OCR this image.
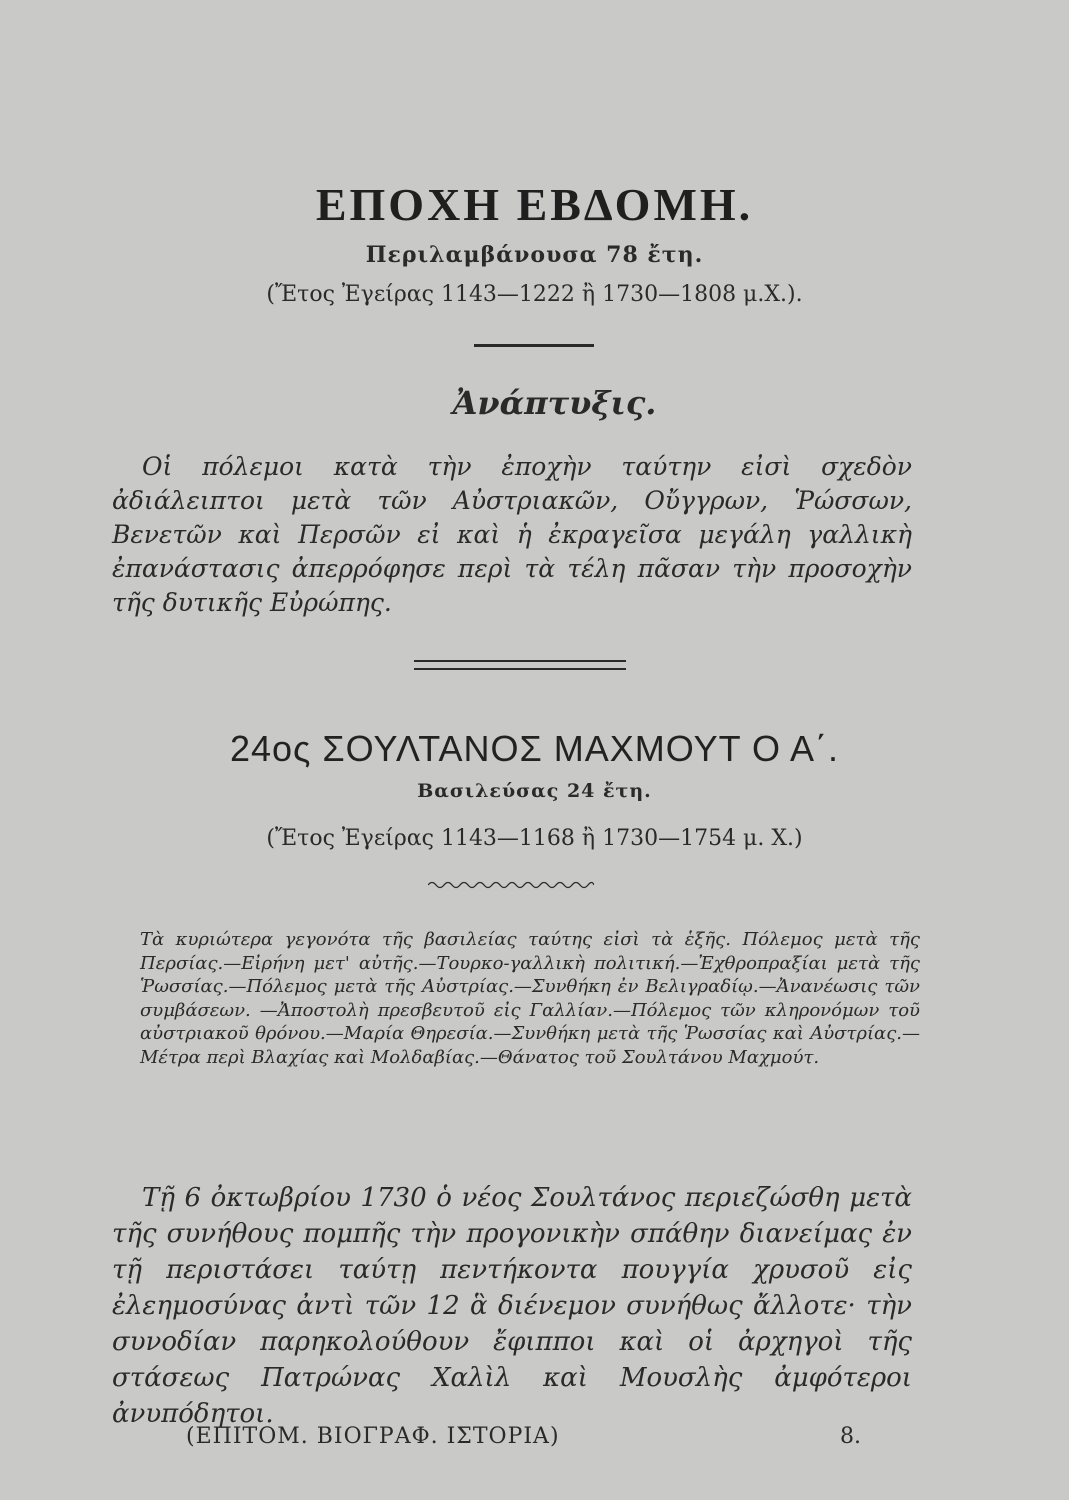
ΕΠΟΧΗ ΕΒΔΟΜΗ.
Περιλαμβάνουσα 78 ἔτη.
(Ἔτος Ἐγείρας 1143—1222 ἢ 1730—1808 μ.Χ.).
Ἀνάπτυξις.
Οἱ πόλεμοι κατὰ τὴν ἐποχὴν ταύτην εἰσὶ σχεδὸν ἀδιάλειπτοι μετὰ τῶν Αὐστριακῶν, Οὔγγρων, Ῥώσσων, Βενετῶν καὶ Περσῶν εἰ καὶ ἡ ἐκραγεῖσα μεγάλη γαλλικὴ ἐπανάστασις ἀπερρόφησε περὶ τὰ τέλη πᾶσαν τὴν προσοχὴν τῆς δυτικῆς Εὐρώπης.
24ος ΣΟΥΛΤΑΝΟΣ ΜΑΧΜΟΥΤ Ο Α΄.
Βασιλεύσας 24 ἔτη.
(Ἔτος Ἐγείρας 1143—1168 ἢ 1730—1754 μ. Χ.)
Τὰ κυριώτερα γεγονότα τῆς βασιλείας ταύτης εἰσὶ τὰ ἑξῆς. Πόλεμος μετὰ τῆς Περσίας.—Εἰρήνη μετ' αὐτῆς.—Τουρκο-γαλλικὴ πολιτική.—Ἐχθροπραξίαι μετὰ τῆς Ῥωσσίας.—Πόλεμος μετὰ τῆς Αὐστρίας.—Συνθήκη ἐν Βελιγραδίῳ.—Ἀνανέωσις τῶν συμβάσεων. —Ἀποστολὴ πρεσβευτοῦ εἰς Γαλλίαν.—Πόλεμος τῶν κληρονόμων τοῦ αὐστριακοῦ θρόνου.—Μαρία Θηρεσία.—Συνθήκη μετὰ τῆς Ῥωσσίας καὶ Αὐστρίας.—Μέτρα περὶ Βλαχίας καὶ Μολδαβίας.—Θάνατος τοῦ Σουλτάνου Μαχμούτ.
Τῇ 6 ὀκτωβρίου 1730 ὁ νέος Σουλτάνος περιεζώσθη μετὰ τῆς συνήθους πομπῆς τὴν προγονικὴν σπάθην διανείμας ἐν τῇ περιστάσει ταύτῃ πεντήκοντα πουγγία χρυσοῦ εἰς ἐλεημοσύνας ἀντὶ τῶν 12 ἃ διένεμον συνήθως ἄλλοτε· τὴν συνοδίαν παρηκολούθουν ἔφιπποι καὶ οἱ ἀρχηγοὶ τῆς στάσεως Πατρώνας Χαλὶλ καὶ Μουσλὴς ἀμφότεροι ἀνυπόδητοι.
(ΕΠΙΤΟΜ. ΒΙΟΓΡΑΦ. ΙΣΤΟΡΙΑ)	8.
